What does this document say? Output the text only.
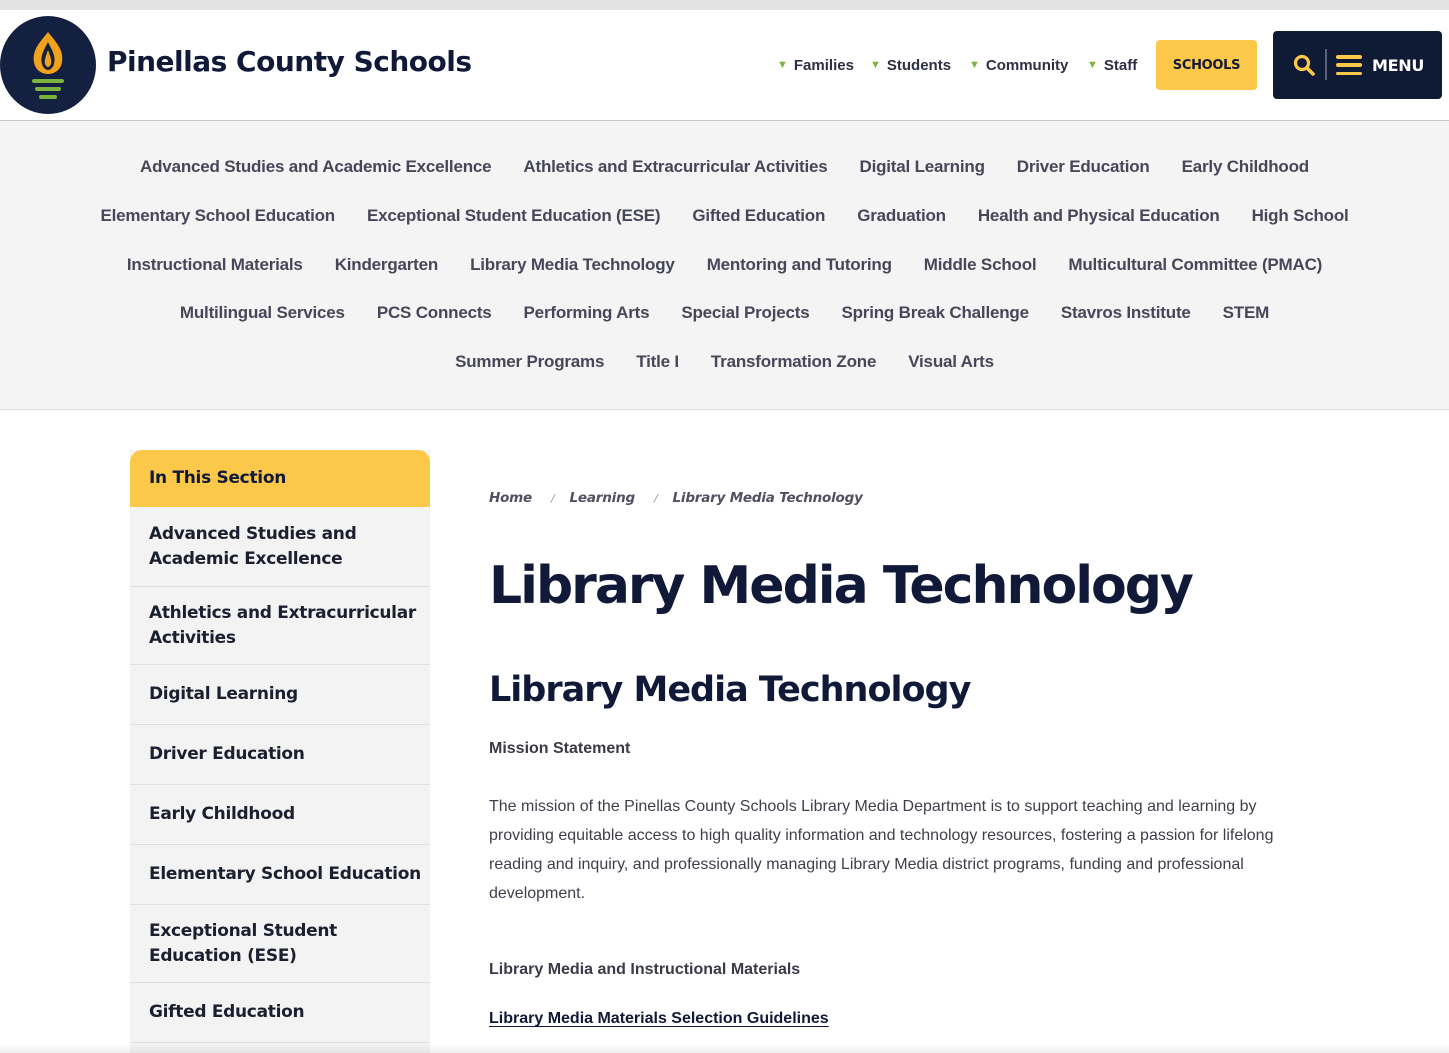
Pinellas County Schools	▼ Families ▼ Students ▼ Community ▼ Staff	SCHOOLS	MENU
Advanced Studies and Academic Excellence Athletics and Extracurricular Activities Digital Learning Driver Education Early Childhood
Elementary School Education Exceptional Student Education (ESE) Gifted Education Graduation Health and Physical Education High School
Instructional Materials Kindergarten Library Media Technology Mentoring and Tutoring Middle School Multicultural Committee (PMAC)
Multilingual Services PCS Connects Performing Arts Special Projects Spring Break Challenge Stavros Institute STEM
Summer Programs Title I Transformation Zone Visual Arts
In This Section
Advanced Studies and Academic Excellence
Athletics and Extracurricular Activities
Digital Learning
Driver Education
Early Childhood
Elementary School Education
Exceptional Student Education (ESE)
Gifted Education
Home / Learning / Library Media Technology
Library Media Technology
Library Media Technology
Mission Statement

The mission of the Pinellas County Schools Library Media Department is to support teaching and learning by providing equitable access to high quality information and technology resources, fostering a passion for lifelong reading and inquiry, and professionally managing Library Media district programs, funding and professional development.

Library Media and Instructional Materials
Library Media Materials Selection Guidelines
